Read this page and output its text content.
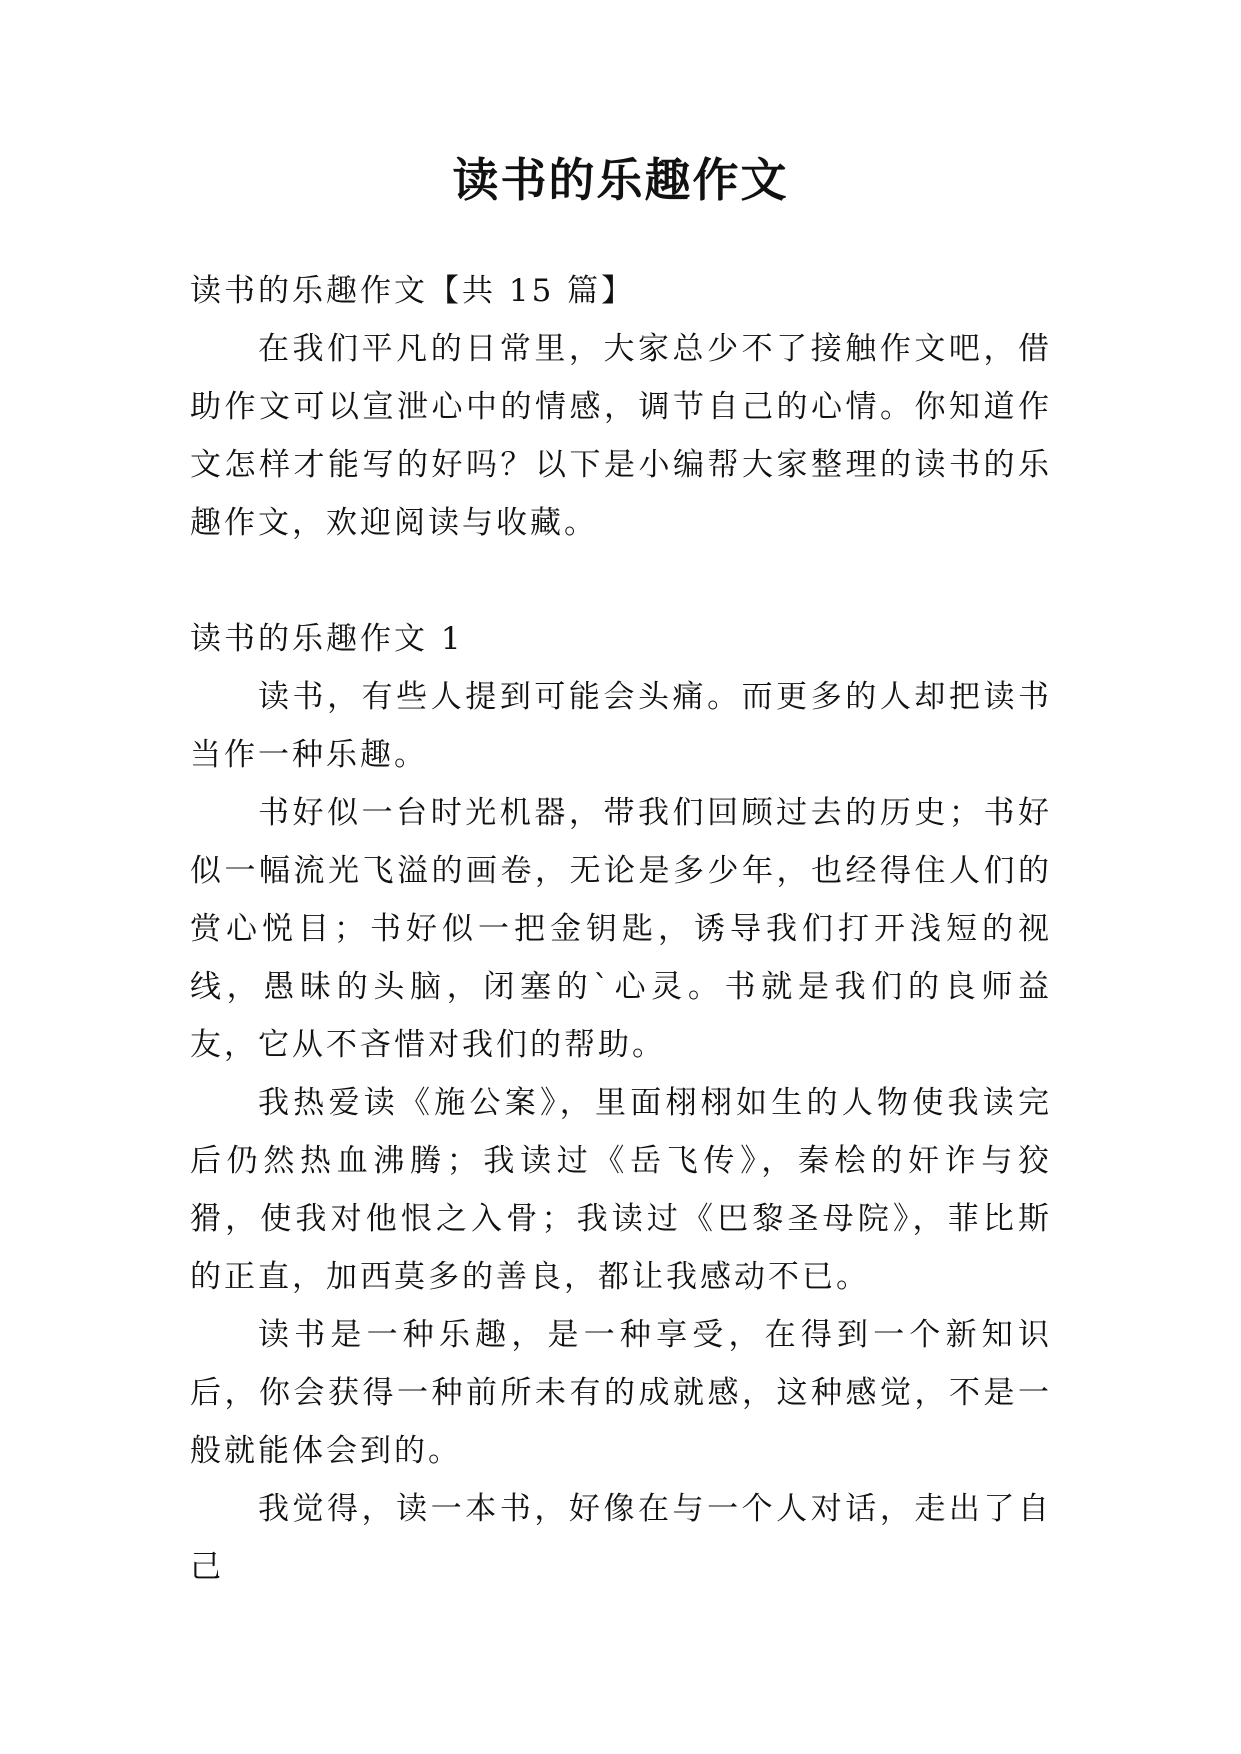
读书的乐趣作文

读书的乐趣作文【共 15 篇】

在我们平凡的日常里，大家总少不了接触作文吧，借助作文可以宣泄心中的情感，调节自己的心情。你知道作文怎样才能写的好吗？以下是小编帮大家整理的读书的乐趣作文，欢迎阅读与收藏。

读书的乐趣作文 1

读书，有些人提到可能会头痛。而更多的人却把读书当作一种乐趣。

书好似一台时光机器，带我们回顾过去的历史；书好似一幅流光飞溢的画卷，无论是多少年，也经得住人们的赏心悦目；书好似一把金钥匙，诱导我们打开浅短的视线，愚昧的头脑，闭塞的`心灵。书就是我们的良师益友，它从不吝惜对我们的帮助。

我热爱读《施公案》，里面栩栩如生的人物使我读完后仍然热血沸腾；我读过《岳飞传》，秦桧的奸诈与狡猾，使我对他恨之入骨；我读过《巴黎圣母院》，菲比斯的正直，加西莫多的善良，都让我感动不已。

读书是一种乐趣，是一种享受，在得到一个新知识后，你会获得一种前所未有的成就感，这种感觉，不是一般就能体会到的。

我觉得，读一本书，好像在与一个人对话，走出了自己
